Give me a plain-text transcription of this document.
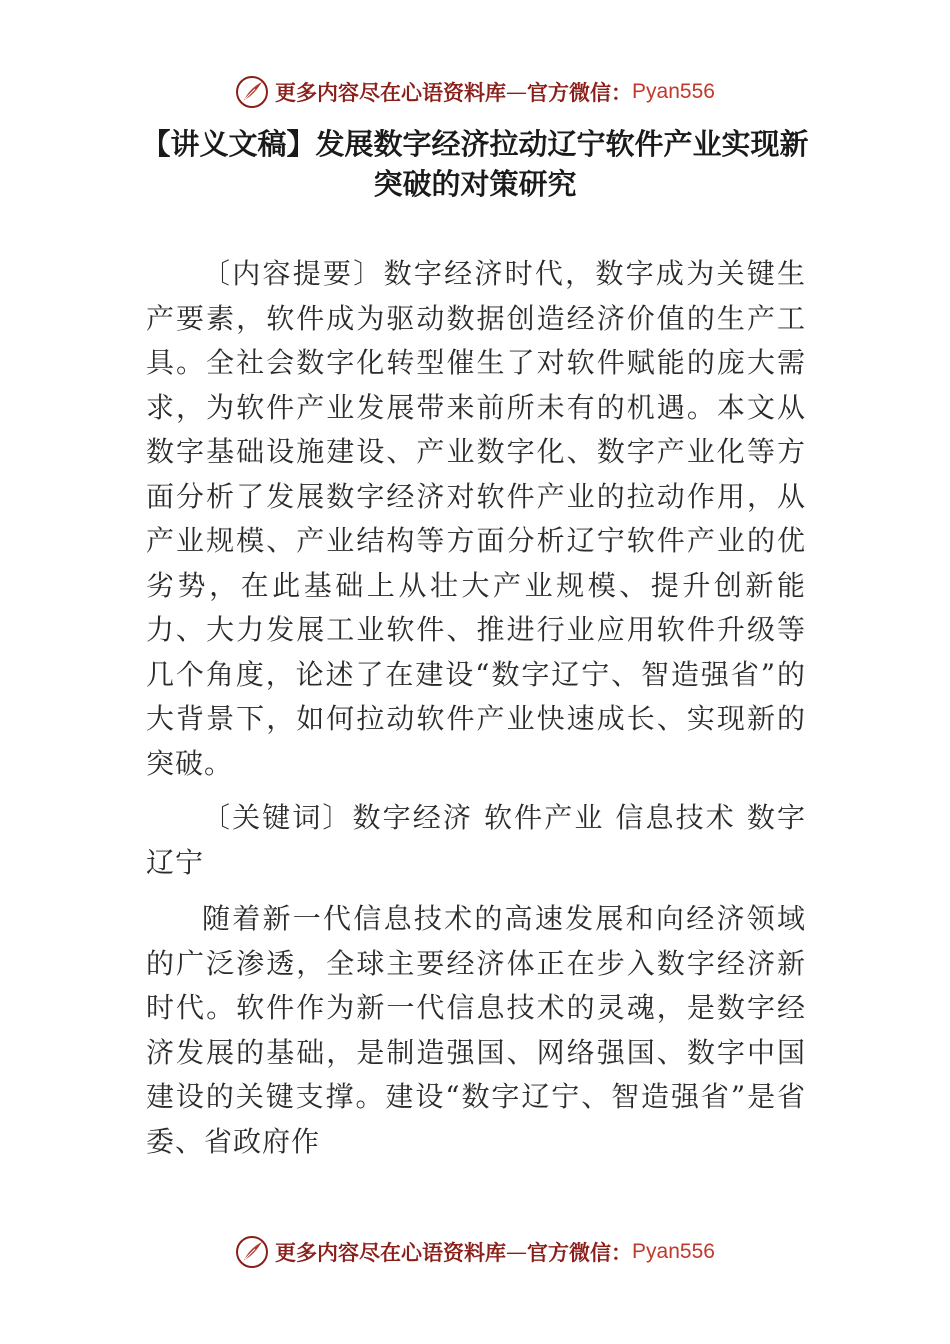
更多内容尽在心语资料库 — 官方微信： Pyan556
【讲义文稿】发展数字经济拉动辽宁软件产业实现新突破的对策研究

〔内容提要〕数字经济时代，数字成为关键生产要素，软件成为驱动数据创造经济价值的生产工具。全社会数字化转型催生了对软件赋能的庞大需求，为软件产业发展带来前所未有的机遇。本文从数字基础设施建设、产业数字化、数字产业化等方面分析了发展数字经济对软件产业的拉动作用，从产业规模、产业结构等方面分析辽宁软件产业的优劣势，在此基础上从壮大产业规模、提升创新能力、大力发展工业软件、推进行业应用软件升级等几个角度，论述了在建设“数字辽宁、智造强省”的大背景下，如何拉动软件产业快速成长、实现新的突破。

〔关键词〕数字经济 软件产业 信息技术 数字辽宁

随着新一代信息技术的高速发展和向经济领域的广泛渗透，全球主要经济体正在步入数字经济新时代。软件作为新一代信息技术的灵魂，是数字经济发展的基础，是制造强国、网络强国、数字中国建设的关键支撑。建设“数字辽宁、智造强省”是省委、省政府作

更多内容尽在心语资料库 — 官方微信： Pyan556
